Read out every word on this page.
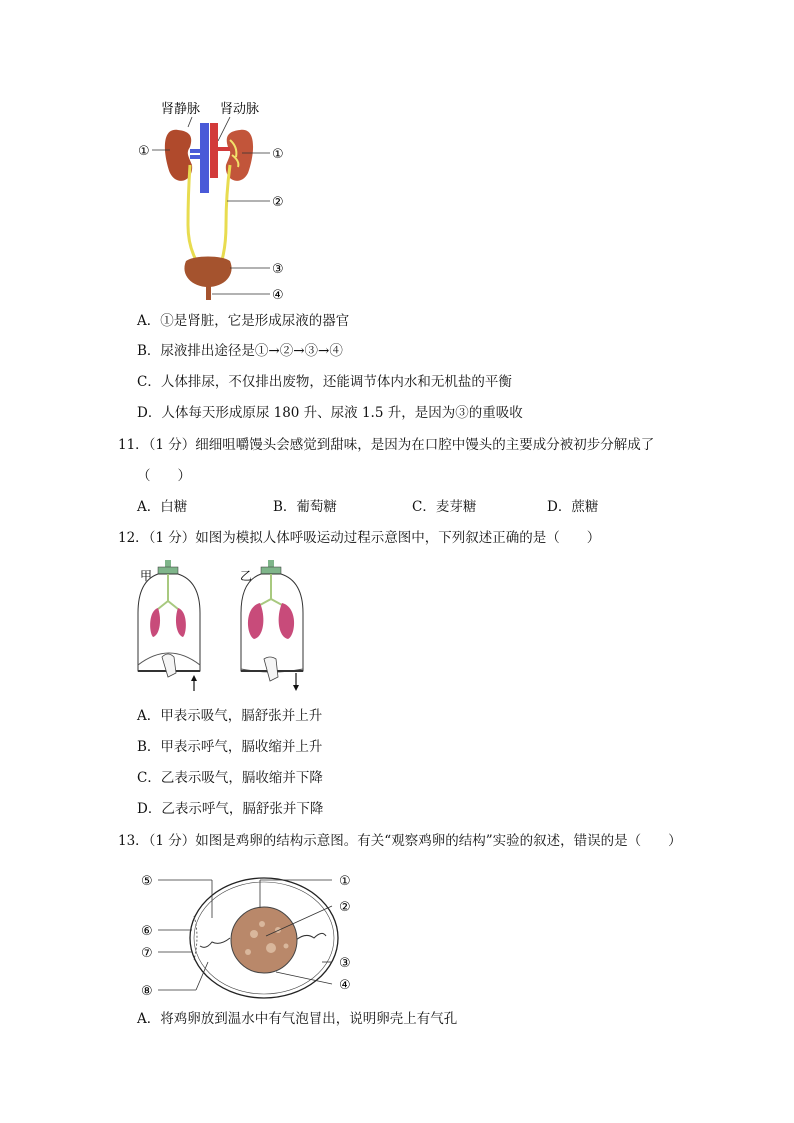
肾静脉 肾动脉
①	①
②
③
④
A．①是肾脏，它是形成尿液的器官
B．尿液排出途径是①→②→③→④
C．人体排尿，不仅排出废物，还能调节体内水和无机盐的平衡
D．人体每天形成原尿 180 升、尿液 1.5 升，是因为③的重吸收
11．（1 分）细细咀嚼馒头会感觉到甜味，是因为在口腔中馒头的主要成分被初步分解成了
（　　）
A．白糖	B．葡萄糖	C．麦芽糖	D．蔗糖
12．（1 分）如图为模拟人体呼吸运动过程示意图中，下列叙述正确的是（　　）
甲	乙
A．甲表示吸气，膈舒张并上升
B．甲表示呼气，膈收缩并上升
C．乙表示吸气，膈收缩并下降
D．乙表示呼气，膈舒张并下降
13．（1 分）如图是鸡卵的结构示意图。有关“观察鸡卵的结构”实验的叙述，错误的是（　　）
⑤
⑥
⑦
⑧
①
②
③
④
A．将鸡卵放到温水中有气泡冒出，说明卵壳上有气孔
